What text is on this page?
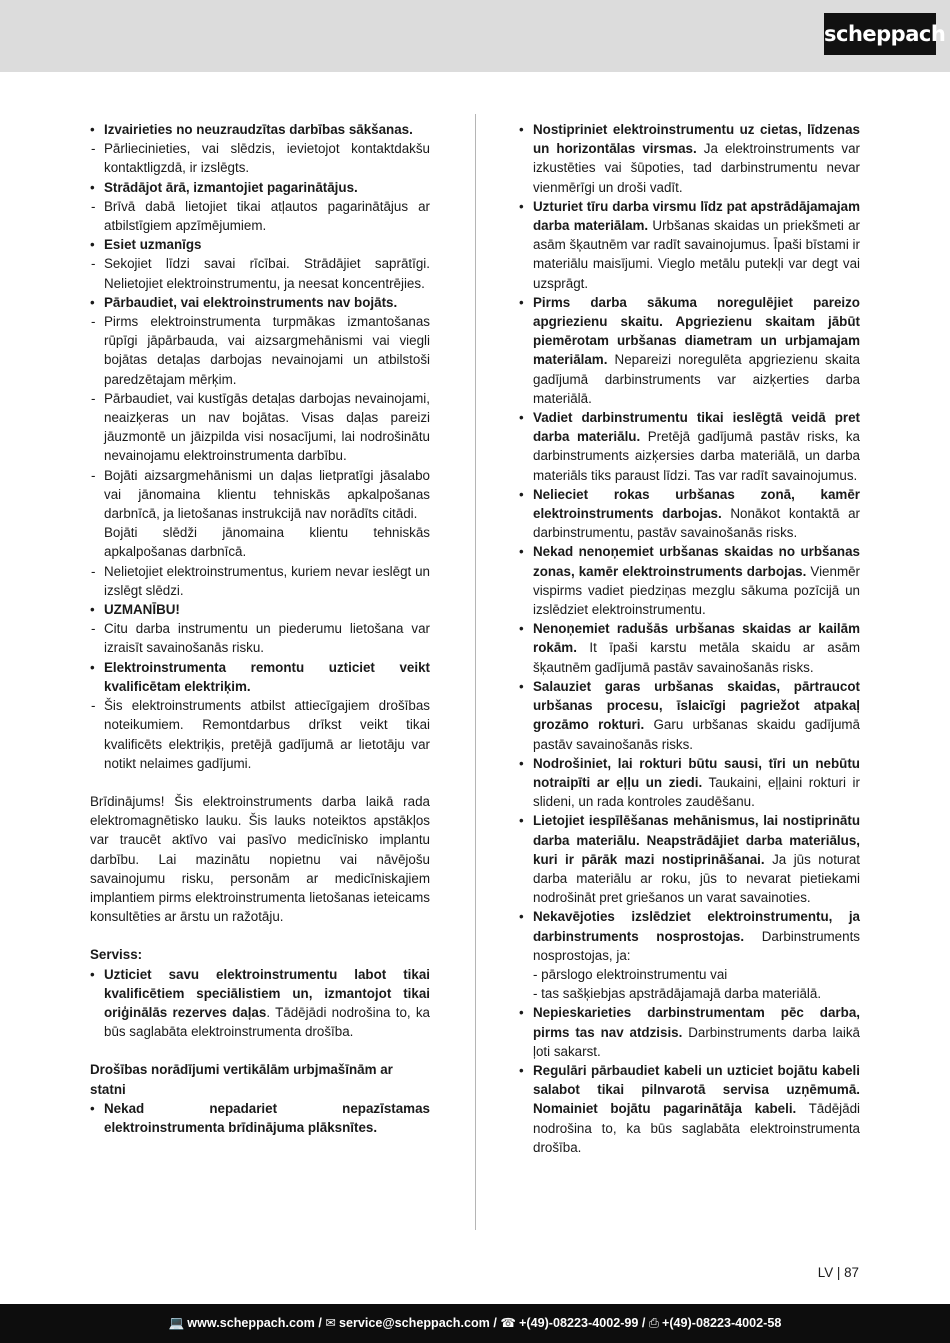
scheppach
• Izvairieties no neuzraudzītas darbības sākšanas.
- Pārliecinieties, vai slēdzis, ievietojot kontaktdakšu kontaktligzdā, ir izslēgts.
• Strādājot ārā, izmantojiet pagarinātājus.
- Brīvā dabā lietojiet tikai atļautos pagarinātājus ar atbilstīgiem apzīmējumiem.
• Esiet uzmanīgs
- Sekojiet līdzi savai rīcībai. Strādājiet saprātīgi. Nelietojiet elektroinstrumentu, ja neesat koncentrējies.
• Pārbaudiet, vai elektroinstruments nav bojāts.
- Pirms elektroinstrumenta turpmākas izmantošanas rūpīgi jāpārbauda, vai aizsargmehānismi vai viegli bojātas detaļas darbojas nevainojami un atbilstoši paredzētajam mērķim.
- Pārbaudiet, vai kustīgās detaļas darbojas nevainojami, neaizķeras un nav bojātas. Visas daļas pareizi jāuzmontē un jāizpilda visi nosacījumi, lai nodrošinātu nevainojamu elektroinstrumenta darbību.
- Bojāti aizsargmehānismi un daļas lietpratīgi jāsalabo vai jānomaina klientu tehniskās apkalpošanas darbnīcā, ja lietošanas instrukcijā nav norādīts citādi.
Bojāti slēdži jānomaina klientu tehniskās apkalpošanas darbnīcā.
- Nelietojiet elektroinstrumentus, kuriem nevar ieslēgt un izslēgt slēdzi.
• UZMANĪBU!
- Citu darba instrumentu un piederumu lietošana var izraisīt savainošanās risku.
• Elektroinstrumenta remontu uzticiet veikt kvalificētam elektriķim.
- Šis elektroinstruments atbilst attiecīgajiem drošības noteikumiem. Remontdarbus drīkst veikt tikai kvalificēts elektriķis, pretējā gadījumā ar lietotāju var notikt nelaimes gadījumi.
Brīdinājums! Šis elektroinstruments darba laikā rada elektromagnētisko lauku. Šis lauks noteiktos apstākļos var traucēt aktīvo vai pasīvo medicīnisko implantu darbību. Lai mazinātu nopietnu vai nāvējošu savainojumu risku, personām ar medicīniskajiem implantiem pirms elektroinstrumenta lietošanas ieteicams konsultēties ar ārstu un ražotāju.
Serviss:
• Uzticiet savu elektroinstrumentu labot tikai kvalificētiem speciālistiem un, izmantojot tikai oriģinālās rezerves daļas. Tādējādi nodrošina to, ka būs saglabāta elektroinstrumenta drošība.
Drošības norādījumi vertikālām urbjmašīnām ar statni
• Nekad nepadariet nepazīstamas elektroinstrumenta brīdinājuma plāksnītes.
• Nostipriniet elektroinstrumentu uz cietas, līdzenas un horizontālas virsmas. Ja elektroinstruments var izkustēties vai šūpoties, tad darbinstrumentu nevar vienmērīgi un droši vadīt.
• Uzturiet tīru darba virsmu līdz pat apstrādājamajam darba materiālam. Urbšanas skaidas un priekšmeti ar asām šķautnēm var radīt savainojumus. Īpaši bīstami ir materiālu maisījumi. Vieglo metālu putekļi var degt vai uzsprāgt.
• Pirms darba sākuma noregulējiet pareizo apgriezienu skaitu. Apgriezienu skaitam jābūt piemērotam urbšanas diametram un urbjamajam materiālam. Nepareizi noregulēta apgriezienu skaita gadījumā darbinstruments var aizķerties darba materiālā.
• Vadiet darbinstrumentu tikai ieslēgtā veidā pret darba materiālu. Pretējā gadījumā pastāv risks, ka darbinstruments aizķersies darba materiālā, un darba materiāls tiks paraust līdzi. Tas var radīt savainojumus.
• Nelieciet rokas urbšanas zonā, kamēr elektroinstruments darbojas. Nonākot kontaktā ar darbinstrumentu, pastāv savainošanās risks.
• Nekad nenoņemiet urbšanas skaidas no urbšanas zonas, kamēr elektroinstruments darbojas. Vienmēr vispirms vadiet piedziņas mezglu sākuma pozīcijā un izslēdziet elektroinstrumentu.
• Nenoņemiet radušās urbšanas skaidas ar kailām rokām. It īpaši karstu metāla skaidu ar asām šķautnēm gadījumā pastāv savainošanās risks.
• Salauziet garas urbšanas skaidas, pārtraucot urbšanas procesu, īslaicīgi pagriežot atpakaļ grozāmo rokturi. Garu urbšanas skaidu gadījumā pastāv savainošanās risks.
• Nodrošiniet, lai rokturi būtu sausi, tīri un nebūtu notraipīti ar eļļu un ziedi. Taukaini, eļļaini rokturi ir slideni, un rada kontroles zaudēšanu.
• Lietojiet iespīlēšanas mehānismus, lai nostiprinātu darba materiālu. Neapstrādājiet darba materiālus, kuri ir pārāk mazi nostiprināšanai. Ja jūs noturat darba materiālu ar roku, jūs to nevarat pietiekami nodrošināt pret griešanos un varat savainoties.
• Nekavējoties izslēdziet elektroinstrumentu, ja darbinstruments nosprostojas. Darbinstruments nosprostojas, ja:
- pārslogo elektroinstrumentu vai
- tas sašķiebjas apstrādājamajā darba materiālā.
• Nepieskarieties darbinstrumentam pēc darba, pirms tas nav atdzisis. Darbinstruments darba laikā ļoti sakarst.
• Regulāri pārbaudiet kabeli un uzticiet bojātu kabeli salabot tikai pilnvarotā servisa uzņēmumā. Nomainiet bojātu pagarinātāja kabeli. Tādējādi nodrošina to, ka būs saglabāta elektroinstrumenta drošība.
LV | 87
💻 www.scheppach.com / ✉ service@scheppach.com / ☎ +(49)-08223-4002-99 / ⎙ +(49)-08223-4002-58
